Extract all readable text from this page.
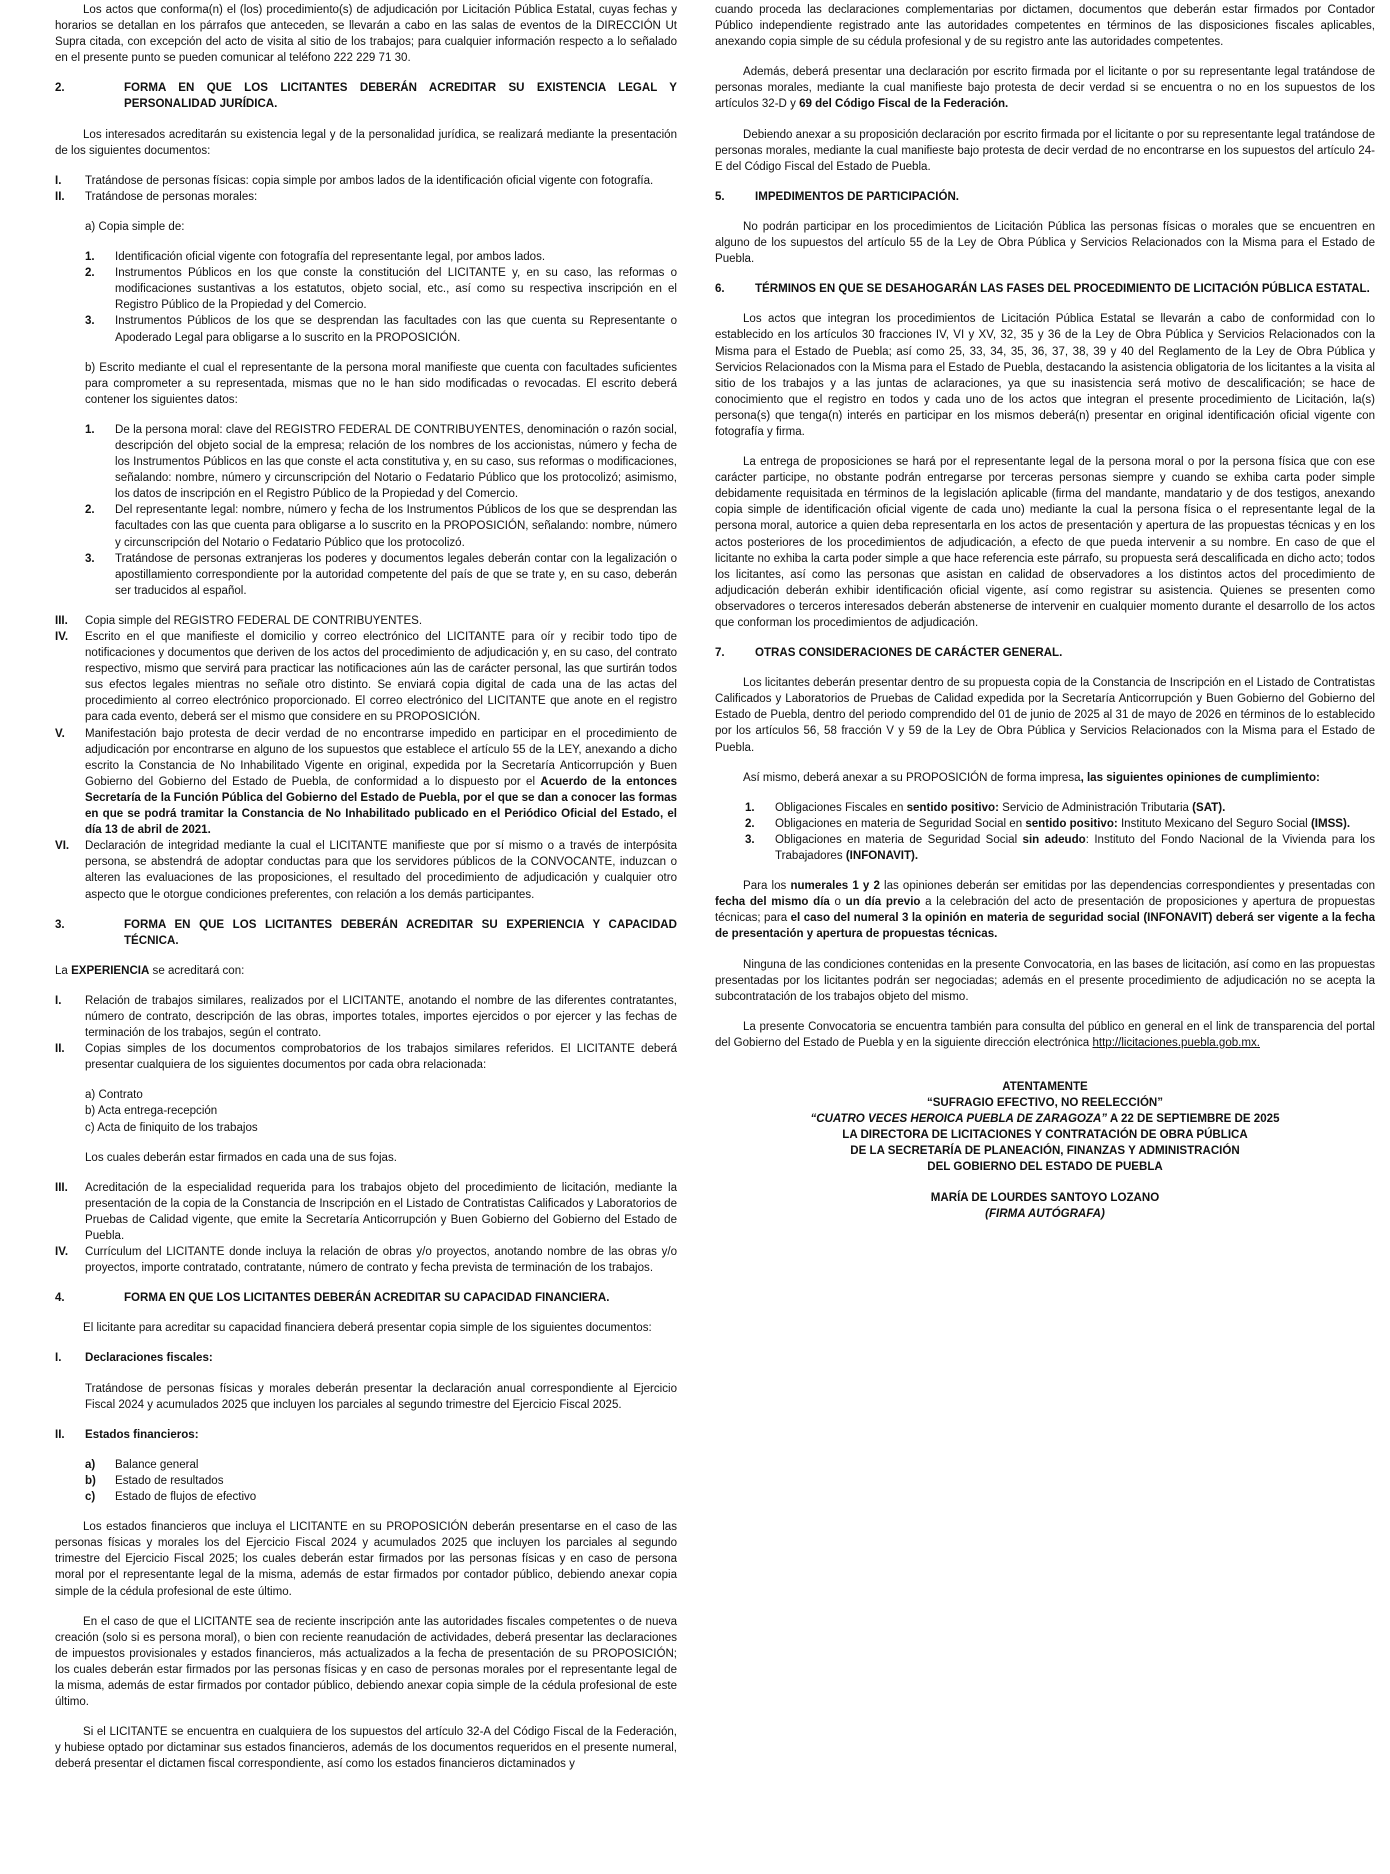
Los actos que conforma(n) el (los) procedimiento(s) de adjudicación por Licitación Pública Estatal, cuyas fechas y horarios se detallan en los párrafos que anteceden, se llevarán a cabo en las salas de eventos de la DIRECCIÓN Ut Supra citada, con excepción del acto de visita al sitio de los trabajos; para cualquier información respecto a lo señalado en el presente punto se pueden comunicar al teléfono 222 229 71 30.

2.	FORMA EN QUE LOS LICITANTES DEBERÁN ACREDITAR SU EXISTENCIA LEGAL Y PERSONALIDAD JURÍDICA.

Los interesados acreditarán su existencia legal y de la personalidad jurídica, se realizará mediante la presentación de los siguientes documentos:

I.	Tratándose de personas físicas: copia simple por ambos lados de la identificación oficial vigente con fotografía.
II.	Tratándose de personas morales:

a) Copia simple de:

1.	Identificación oficial vigente con fotografía del representante legal, por ambos lados.
2.	Instrumentos Públicos en los que conste la constitución del LICITANTE y, en su caso, las reformas o modificaciones sustantivas a los estatutos, objeto social, etc., así como su respectiva inscripción en el Registro Público de la Propiedad y del Comercio.
3.	Instrumentos Públicos de los que se desprendan las facultades con las que cuenta su Representante o Apoderado Legal para obligarse a lo suscrito en la PROPOSICIÓN.

b) Escrito mediante el cual el representante de la persona moral manifieste que cuenta con facultades suficientes para comprometer a su representada, mismas que no le han sido modificadas o revocadas. El escrito deberá contener los siguientes datos:

1.	De la persona moral: clave del REGISTRO FEDERAL DE CONTRIBUYENTES, denominación o razón social, descripción del objeto social de la empresa; relación de los nombres de los accionistas, número y fecha de los Instrumentos Públicos en las que conste el acta constitutiva y, en su caso, sus reformas o modificaciones, señalando: nombre, número y circunscripción del Notario o Fedatario Público que los protocolizó; asimismo, los datos de inscripción en el Registro Público de la Propiedad y del Comercio.
2.	Del representante legal: nombre, número y fecha de los Instrumentos Públicos de los que se desprendan las facultades con las que cuenta para obligarse a lo suscrito en la PROPOSICIÓN, señalando: nombre, número y circunscripción del Notario o Fedatario Público que los protocolizó.
3.	Tratándose de personas extranjeras los poderes y documentos legales deberán contar con la legalización o apostillamiento correspondiente por la autoridad competente del país de que se trate y, en su caso, deberán ser traducidos al español.
III.	Copia simple del REGISTRO FEDERAL DE CONTRIBUYENTES.
IV.	Escrito en el que manifieste el domicilio y correo electrónico del LICITANTE para oír y recibir todo tipo de notificaciones y documentos que deriven de los actos del procedimiento de adjudicación y, en su caso, del contrato respectivo, mismo que servirá para practicar las notificaciones aún las de carácter personal, las que surtirán todos sus efectos legales mientras no señale otro distinto. Se enviará copia digital de cada una de las actas del procedimiento al correo electrónico proporcionado. El correo electrónico del LICITANTE que anote en el registro para cada evento, deberá ser el mismo que considere en su PROPOSICIÓN.
V.	Manifestación bajo protesta de decir verdad de no encontrarse impedido en participar en el procedimiento de adjudicación por encontrarse en alguno de los supuestos que establece el artículo 55 de la LEY, anexando a dicho escrito la Constancia de No Inhabilitado Vigente en original, expedida por la Secretaría Anticorrupción y Buen Gobierno del Gobierno del Estado de Puebla, de conformidad a lo dispuesto por el Acuerdo de la entonces Secretaría de la Función Pública del Gobierno del Estado de Puebla, por el que se dan a conocer las formas en que se podrá tramitar la Constancia de No Inhabilitado publicado en el Periódico Oficial del Estado, el día 13 de abril de 2021.
VI.	Declaración de integridad mediante la cual el LICITANTE manifieste que por sí mismo o a través de interpósita persona, se abstendrá de adoptar conductas para que los servidores públicos de la CONVOCANTE, induzcan o alteren las evaluaciones de las proposiciones, el resultado del procedimiento de adjudicación y cualquier otro aspecto que le otorgue condiciones preferentes, con relación a los demás participantes.
3.	FORMA EN QUE LOS LICITANTES DEBERÁN ACREDITAR SU EXPERIENCIA Y CAPACIDAD TÉCNICA.

La EXPERIENCIA se acreditará con:

I.	Relación de trabajos similares, realizados por el LICITANTE, anotando el nombre de las diferentes contratantes, número de contrato, descripción de las obras, importes totales, importes ejercidos o por ejercer y las fechas de terminación de los trabajos, según el contrato.
II.	Copias simples de los documentos comprobatorios de los trabajos similares referidos. El LICITANTE deberá presentar cualquiera de los siguientes documentos por cada obra relacionada:

a) Contrato

b) Acta entrega-recepción

c) Acta de finiquito de los trabajos

Los cuales deberán estar firmados en cada una de sus fojas.

III.	Acreditación de la especialidad requerida para los trabajos objeto del procedimiento de licitación, mediante la presentación de la copia de la Constancia de Inscripción en el Listado de Contratistas Calificados y Laboratorios de Pruebas de Calidad vigente, que emite la Secretaría Anticorrupción y Buen Gobierno del Gobierno del Estado de Puebla.
IV.	Currículum del LICITANTE donde incluya la relación de obras y/o proyectos, anotando nombre de las obras y/o proyectos, importe contratado, contratante, número de contrato y fecha prevista de terminación de los trabajos.
4.	FORMA EN QUE LOS LICITANTES DEBERÁN ACREDITAR SU CAPACIDAD FINANCIERA.

El licitante para acreditar su capacidad financiera deberá presentar copia simple de los siguientes documentos:

I.	Declaraciones fiscales:

Tratándose de personas físicas y morales deberán presentar la declaración anual correspondiente al Ejercicio Fiscal 2024 y acumulados 2025 que incluyen los parciales al segundo trimestre del Ejercicio Fiscal 2025.

II.	Estados financieros:
a)	Balance general
b)	Estado de resultados
c)	Estado de flujos de efectivo

Los estados financieros que incluya el LICITANTE en su PROPOSICIÓN deberán presentarse en el caso de las personas físicas y morales los del Ejercicio Fiscal 2024 y acumulados 2025 que incluyen los parciales al segundo trimestre del Ejercicio Fiscal 2025; los cuales deberán estar firmados por las personas físicas y en caso de persona moral por el representante legal de la misma, además de estar firmados por contador público, debiendo anexar copia simple de la cédula profesional de este último.

En el caso de que el LICITANTE sea de reciente inscripción ante las autoridades fiscales competentes o de nueva creación (solo si es persona moral), o bien con reciente reanudación de actividades, deberá presentar las declaraciones de impuestos provisionales y estados financieros, más actualizados a la fecha de presentación de su PROPOSICIÓN; los cuales deberán estar firmados por las personas físicas y en caso de personas morales por el representante legal de la misma, además de estar firmados por contador público, debiendo anexar copia simple de la cédula profesional de este último.

Si el LICITANTE se encuentra en cualquiera de los supuestos del artículo 32-A del Código Fiscal de la Federación, y hubiese optado por dictaminar sus estados financieros, además de los documentos requeridos en el presente numeral, deberá presentar el dictamen fiscal correspondiente, así como los estados financieros dictaminados y

cuando proceda las declaraciones complementarias por dictamen, documentos que deberán estar firmados por Contador Público independiente registrado ante las autoridades competentes en términos de las disposiciones fiscales aplicables, anexando copia simple de su cédula profesional y de su registro ante las autoridades competentes.

Además, deberá presentar una declaración por escrito firmada por el licitante o por su representante legal tratándose de personas morales, mediante la cual manifieste bajo protesta de decir verdad si se encuentra o no en los supuestos de los artículos 32-D y 69 del Código Fiscal de la Federación.

Debiendo anexar a su proposición declaración por escrito firmada por el licitante o por su representante legal tratándose de personas morales, mediante la cual manifieste bajo protesta de decir verdad de no encontrarse en los supuestos del artículo 24-E del Código Fiscal del Estado de Puebla.

5.	IMPEDIMENTOS DE PARTICIPACIÓN.

No podrán participar en los procedimientos de Licitación Pública las personas físicas o morales que se encuentren en alguno de los supuestos del artículo 55 de la Ley de Obra Pública y Servicios Relacionados con la Misma para el Estado de Puebla.

6.	TÉRMINOS EN QUE SE DESAHOGARÁN LAS FASES DEL PROCEDIMIENTO DE LICITACIÓN PÚBLICA ESTATAL.

Los actos que integran los procedimientos de Licitación Pública Estatal se llevarán a cabo de conformidad con lo establecido en los artículos 30 fracciones IV, VI y XV, 32, 35 y 36 de la Ley de Obra Pública y Servicios Relacionados con la Misma para el Estado de Puebla; así como 25, 33, 34, 35, 36, 37, 38, 39 y 40 del Reglamento de la Ley de Obra Pública y Servicios Relacionados con la Misma para el Estado de Puebla, destacando la asistencia obligatoria de los licitantes a la visita al sitio de los trabajos y a las juntas de aclaraciones, ya que su inasistencia será motivo de descalificación; se hace de conocimiento que el registro en todos y cada uno de los actos que integran el presente procedimiento de Licitación, la(s) persona(s) que tenga(n) interés en participar en los mismos deberá(n) presentar en original identificación oficial vigente con fotografía y firma.

La entrega de proposiciones se hará por el representante legal de la persona moral o por la persona física que con ese carácter participe, no obstante podrán entregarse por terceras personas siempre y cuando se exhiba carta poder simple debidamente requisitada en términos de la legislación aplicable (firma del mandante, mandatario y de dos testigos, anexando copia simple de identificación oficial vigente de cada uno) mediante la cual la persona física o el representante legal de la persona moral, autorice a quien deba representarla en los actos de presentación y apertura de las propuestas técnicas y en los actos posteriores de los procedimientos de adjudicación, a efecto de que pueda intervenir a su nombre. En caso de que el licitante no exhiba la carta poder simple a que hace referencia este párrafo, su propuesta será descalificada en dicho acto; todos los licitantes, así como las personas que asistan en calidad de observadores a los distintos actos del procedimiento de adjudicación deberán exhibir identificación oficial vigente, así como registrar su asistencia. Quienes se presenten como observadores o terceros interesados deberán abstenerse de intervenir en cualquier momento durante el desarrollo de los actos que conforman los procedimientos de adjudicación.

7.	OTRAS CONSIDERACIONES DE CARÁCTER GENERAL.

Los licitantes deberán presentar dentro de su propuesta copia de la Constancia de Inscripción en el Listado de Contratistas Calificados y Laboratorios de Pruebas de Calidad expedida por la Secretaría Anticorrupción y Buen Gobierno del Gobierno del Estado de Puebla, dentro del periodo comprendido del 01 de junio de 2025 al 31 de mayo de 2026 en términos de lo establecido por los artículos 56, 58 fracción V y 59 de la Ley de Obra Pública y Servicios Relacionados con la Misma para el Estado de Puebla.

Así mismo, deberá anexar a su PROPOSICIÓN de forma impresa, las siguientes opiniones de cumplimiento:

1.	Obligaciones Fiscales en sentido positivo: Servicio de Administración Tributaria (SAT).
2.	Obligaciones en materia de Seguridad Social en sentido positivo: Instituto Mexicano del Seguro Social (IMSS).
3.	Obligaciones en materia de Seguridad Social sin adeudo: Instituto del Fondo Nacional de la Vivienda para los Trabajadores (INFONAVIT).

Para los numerales 1 y 2 las opiniones deberán ser emitidas por las dependencias correspondientes y presentadas con fecha del mismo día o un día previo a la celebración del acto de presentación de proposiciones y apertura de propuestas técnicas; para el caso del numeral 3 la opinión en materia de seguridad social (INFONAVIT) deberá ser vigente a la fecha de presentación y apertura de propuestas técnicas.

Ninguna de las condiciones contenidas en la presente Convocatoria, en las bases de licitación, así como en las propuestas presentadas por los licitantes podrán ser negociadas; además en el presente procedimiento de adjudicación no se acepta la subcontratación de los trabajos objeto del mismo.

La presente Convocatoria se encuentra también para consulta del público en general en el link de transparencia del portal del Gobierno del Estado de Puebla y en la siguiente dirección electrónica http://licitaciones.puebla.gob.mx.

ATENTAMENTE

“SUFRAGIO EFECTIVO, NO REELECCIÓN”

“CUATRO VECES HEROICA PUEBLA DE ZARAGOZA” A 22 DE SEPTIEMBRE DE 2025

LA DIRECTORA DE LICITACIONES Y CONTRATACIÓN DE OBRA PÚBLICA

DE LA SECRETARÍA DE PLANEACIÓN, FINANZAS Y ADMINISTRACIÓN

DEL GOBIERNO DEL ESTADO DE PUEBLA

MARÍA DE LOURDES SANTOYO LOZANO

(FIRMA AUTÓGRAFA)
